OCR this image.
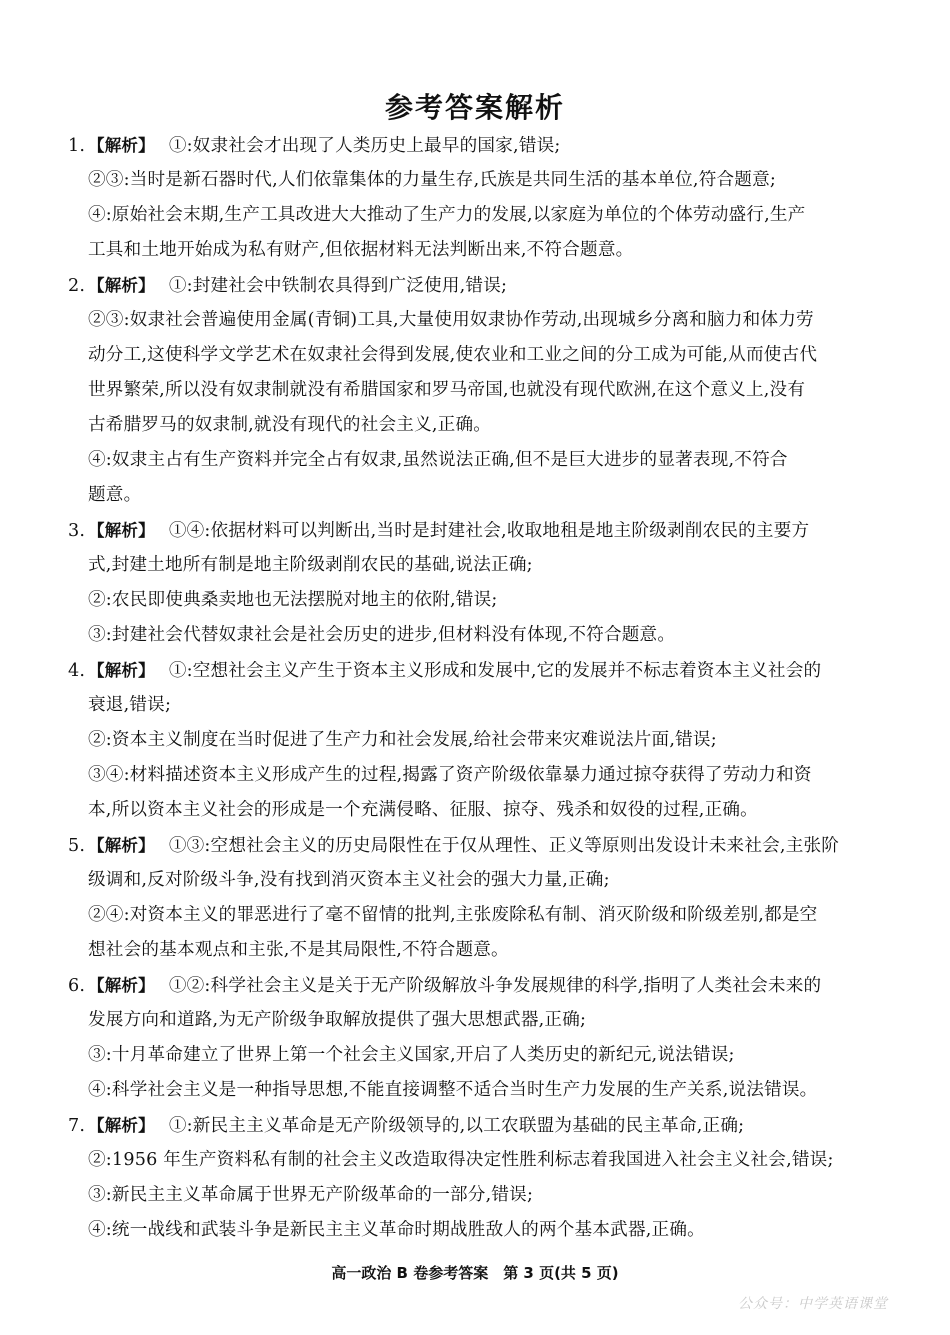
参考答案解析
1. 【解析】 ①:奴隶社会才出现了人类历史上最早的国家,错误;
②③:当时是新石器时代,人们依靠集体的力量生存,氏族是共同生活的基本单位,符合题意;
④:原始社会末期,生产工具改进大大推动了生产力的发展,以家庭为单位的个体劳动盛行,生产
工具和土地开始成为私有财产,但依据材料无法判断出来,不符合题意。
2. 【解析】 ①:封建社会中铁制农具得到广泛使用,错误;
②③:奴隶社会普遍使用金属(青铜)工具,大量使用奴隶协作劳动,出现城乡分离和脑力和体力劳
动分工,这使科学文学艺术在奴隶社会得到发展,使农业和工业之间的分工成为可能,从而使古代
世界繁荣,所以没有奴隶制就没有希腊国家和罗马帝国,也就没有现代欧洲,在这个意义上,没有
古希腊罗马的奴隶制,就没有现代的社会主义,正确。
④:奴隶主占有生产资料并完全占有奴隶,虽然说法正确,但不是巨大进步的显著表现,不符合
题意。
3. 【解析】 ①④:依据材料可以判断出,当时是封建社会,收取地租是地主阶级剥削农民的主要方
式,封建土地所有制是地主阶级剥削农民的基础,说法正确;
②:农民即使典桑卖地也无法摆脱对地主的依附,错误;
③:封建社会代替奴隶社会是社会历史的进步,但材料没有体现,不符合题意。
4. 【解析】 ①:空想社会主义产生于资本主义形成和发展中,它的发展并不标志着资本主义社会的
衰退,错误;
②:资本主义制度在当时促进了生产力和社会发展,给社会带来灾难说法片面,错误;
③④:材料描述资本主义形成产生的过程,揭露了资产阶级依靠暴力通过掠夺获得了劳动力和资
本,所以资本主义社会的形成是一个充满侵略、征服、掠夺、残杀和奴役的过程,正确。
5. 【解析】 ①③:空想社会主义的历史局限性在于仅从理性、正义等原则出发设计未来社会,主张阶
级调和,反对阶级斗争,没有找到消灭资本主义社会的强大力量,正确;
②④:对资本主义的罪恶进行了毫不留情的批判,主张废除私有制、消灭阶级和阶级差别,都是空
想社会的基本观点和主张,不是其局限性,不符合题意。
6. 【解析】 ①②:科学社会主义是关于无产阶级解放斗争发展规律的科学,指明了人类社会未来的
发展方向和道路,为无产阶级争取解放提供了强大思想武器,正确;
③:十月革命建立了世界上第一个社会主义国家,开启了人类历史的新纪元,说法错误;
④:科学社会主义是一种指导思想,不能直接调整不适合当时生产力发展的生产关系,说法错误。
7. 【解析】 ①:新民主主义革命是无产阶级领导的,以工农联盟为基础的民主革命,正确;
②:1956 年生产资料私有制的社会主义改造取得决定性胜利标志着我国进入社会主义社会,错误;
③:新民主主义革命属于世界无产阶级革命的一部分,错误;
④:统一战线和武装斗争是新民主主义革命时期战胜敌人的两个基本武器,正确。
高一政治 B 卷参考答案　第 3 页(共 5 页)
公众号：中学英语课堂
